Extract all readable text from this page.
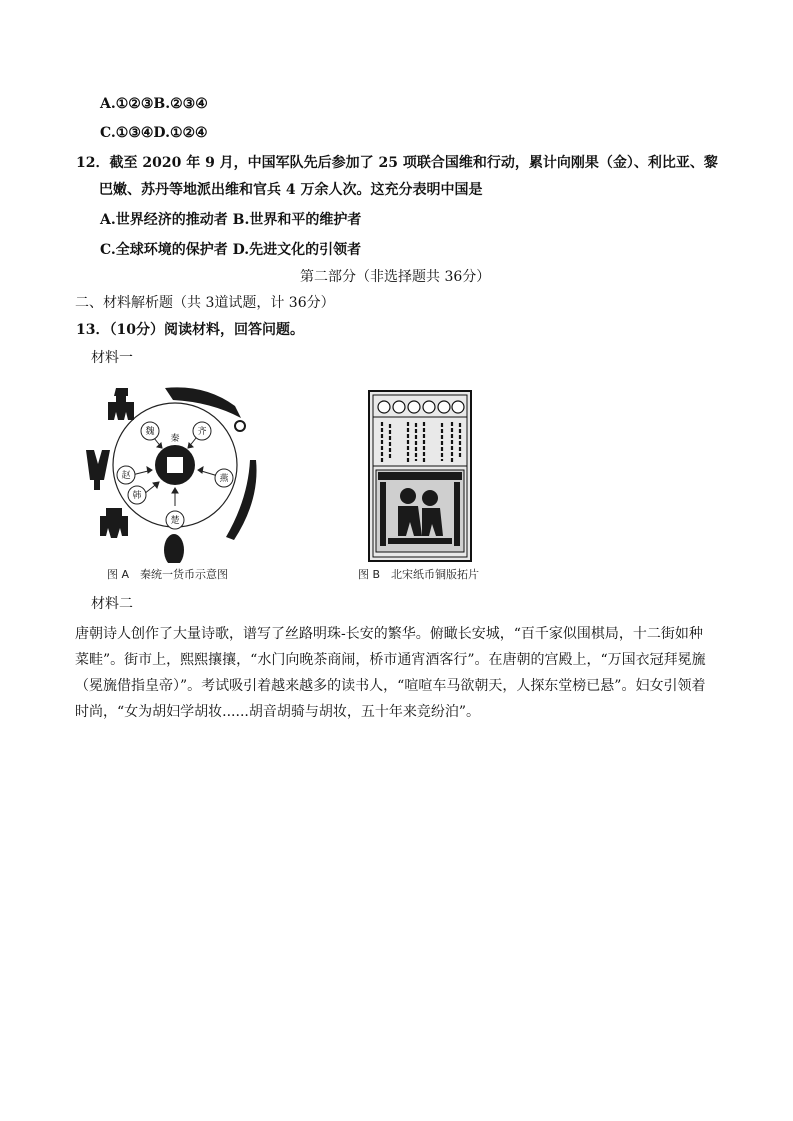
A.①②③B.②③④
C.①③④D.①②④
12．截至 2020 年 9 月，中国军队先后参加了 25 项联合国维和行动，累计向刚果（金）、利比亚、黎
巴嫩、苏丹等地派出维和官兵 4 万余人次。这充分表明中国是
A.世界经济的推动者 B.世界和平的维护者
C.全球环境的保护者 D.先进文化的引领者
第二部分（非选择题共 36分）
二、材料解析题（共 3道试题，计 36分）
13．（10分）阅读材料，回答问题。
材料一
秦
魏	齐
燕
楚
韩
赵
图 A　秦统一货币示意图	图 B　北宋纸币铜版拓片
材料二
唐朝诗人创作了大量诗歌，谱写了丝路明珠-长安的繁华。俯瞰长安城，“百千家似围棋局，十二街如种菜畦”。街市上，熙熙攘攘，“水门向晚茶商闹，桥市通宵酒客行”。在唐朝的宫殿上，“万国衣冠拜冕旒（冕旒借指皇帝）”。考试吸引着越来越多的读书人，“喧喧车马欲朝天，人探东堂榜已悬”。妇女引领着时尚，“女为胡妇学胡妆......胡音胡骑与胡妆，五十年来竞纷泊”。
